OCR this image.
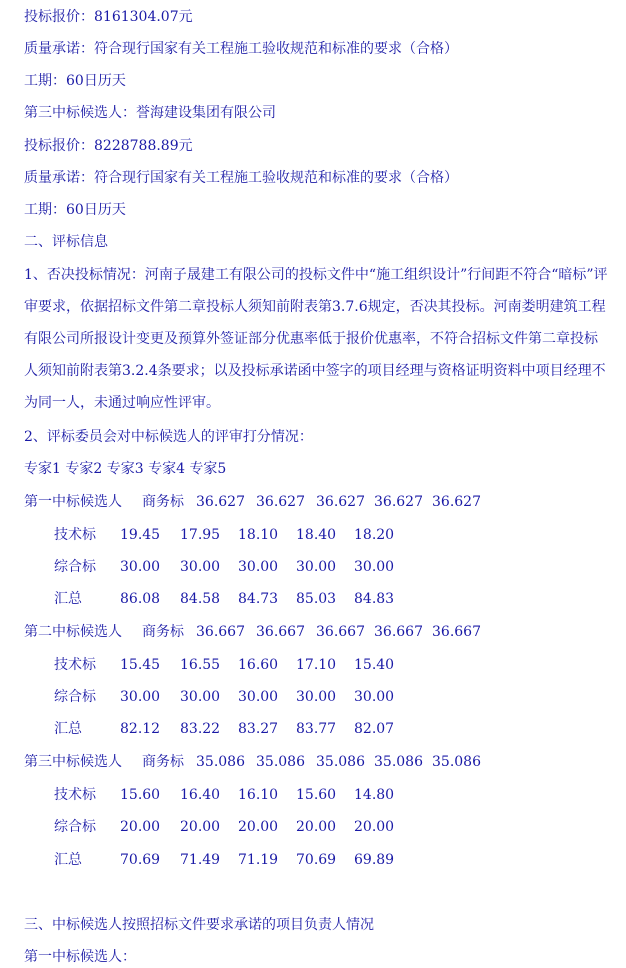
投标报价：8161304.07元
质量承诺：符合现行国家有关工程施工验收规范和标准的要求（合格）
工期：60日历天
第三中标候选人：誉海建设集团有限公司
投标报价：8228788.89元
质量承诺：符合现行国家有关工程施工验收规范和标准的要求（合格）
工期：60日历天
二、评标信息
1、否决投标情况：河南子晟建工有限公司的投标文件中“施工组织设计”行间距不符合“暗标”评审要求，依据招标文件第二章投标人须知前附表第3.7.6规定，否决其投标。河南娄明建筑工程有限公司所报设计变更及预算外签证部分优惠率低于报价优惠率，不符合招标文件第二章投标人须知前附表第3.2.4条要求；以及投标承诺函中签字的项目经理与资格证明资料中项目经理不为同一人，未通过响应性评审。
2、评标委员会对中标候选人的评审打分情况：
专家1 专家2 专家3 专家4 专家5
第一中标候选人 商务标 36.627 36.627 36.627 36.627 36.627
技术标 19.45 17.95 18.10 18.40 18.20
综合标 30.00 30.00 30.00 30.00 30.00
汇总	86.08 84.58 84.73 85.03 84.83
第二中标候选人 商务标 36.667 36.667 36.667 36.667 36.667
技术标 15.45 16.55 16.60 17.10 15.40
综合标 30.00 30.00 30.00 30.00 30.00
汇总	82.12 83.22 83.27 83.77 82.07
第三中标候选人 商务标 35.086 35.086 35.086 35.086 35.086
技术标 15.60 16.40 16.10 15.60 14.80
综合标 20.00 20.00 20.00 20.00 20.00
汇总	70.69 71.49 71.19 70.69 69.89
三、中标候选人按照招标文件要求承诺的项目负责人情况
第一中标候选人：
